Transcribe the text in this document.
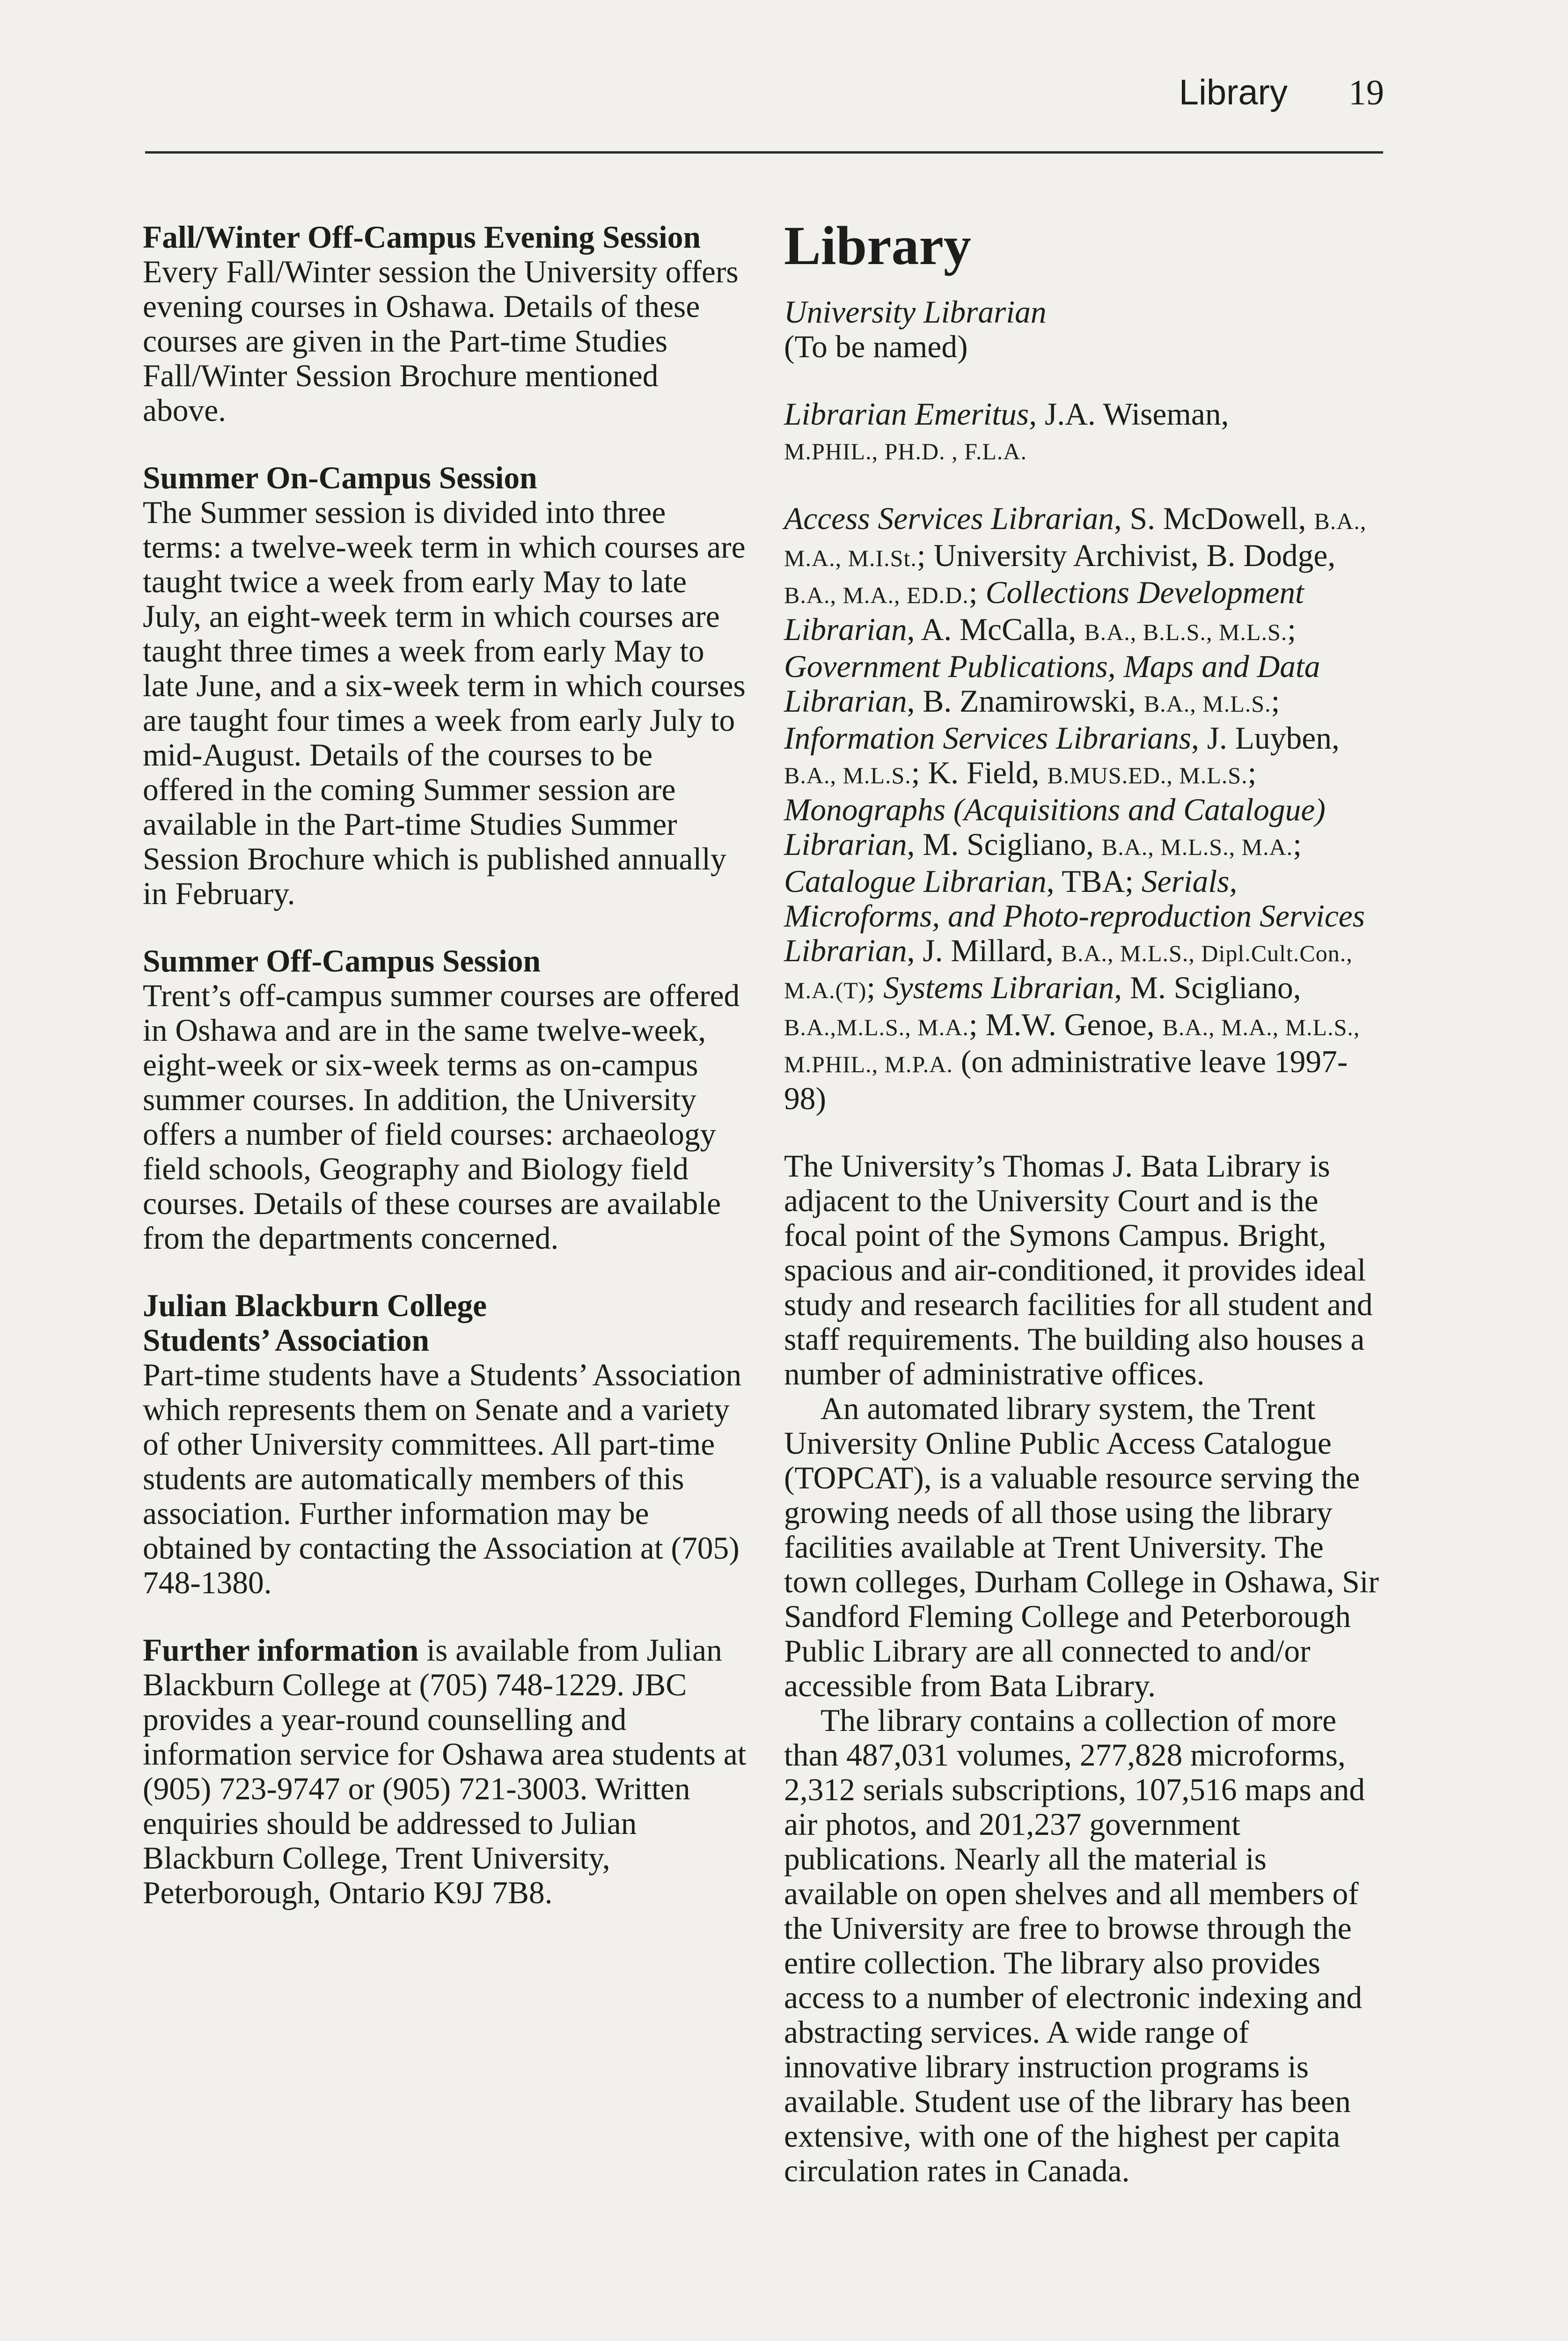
Library 19
Fall/Winter Off-Campus Evening Session

Every Fall/Winter session the University offers evening courses in Oshawa. Details of these courses are given in the Part-time Studies Fall/Winter Session Brochure mentioned above.

Summer On-Campus Session

The Summer session is divided into three terms: a twelve-week term in which courses are taught twice a week from early May to late July, an eight-week term in which courses are taught three times a week from early May to late June, and a six-week term in which courses are taught four times a week from early July to mid-August. Details of the courses to be offered in the coming Summer session are available in the Part-time Studies Summer Session Brochure which is published annually in February.

Summer Off-Campus Session

Trent’s off-campus summer courses are offered in Oshawa and are in the same twelve-week, eight-week or six-week terms as on-campus summer courses. In addition, the University offers a number of field courses: archaeology field schools, Geography and Biology field courses. Details of these courses are available from the departments concerned.

Julian Blackburn College
Students’ Association

Part-time students have a Students’ Association which represents them on Senate and a variety of other University committees. All part-time students are automatically members of this association. Further information may be obtained by contacting the Association at (705) 748-1380.

Further information is available from Julian Blackburn College at (705) 748-1229. JBC provides a year-round counselling and information service for Oshawa area students at (905) 723-9747 or (905) 721-3003. Written enquiries should be addressed to Julian Blackburn College, Trent University, Peterborough, Ontario K9J 7B8.

Library

University Librarian
(To be named)

Librarian Emeritus, J.A. Wiseman,
M.PHIL., PH.D. , F.L.A.

Access Services Librarian, S. McDowell, B.A., M.A., M.I.St.; University Archivist, B. Dodge, B.A., M.A., ED.D.; Collections Development Librarian, A. McCalla, B.A., B.L.S., M.L.S.; Government Publications, Maps and Data Librarian, B. Znamirowski, B.A., M.L.S.; Information Services Librarians, J. Luyben, B.A., M.L.S.; K. Field, B.MUS.ED., M.L.S.; Monographs (Acquisitions and Catalogue) Librarian, M. Scigliano, B.A., M.L.S., M.A.; Catalogue Librarian, TBA; Serials, Microforms, and Photo-reproduction Services Librarian, J. Millard, B.A., M.L.S., Dipl.Cult.Con., M.A.(T); Systems Librarian, M. Scigliano, B.A.,M.L.S., M.A.; M.W. Genoe, B.A., M.A., M.L.S., M.PHIL., M.P.A. (on administrative leave 1997-98)

The University’s Thomas J. Bata Library is adjacent to the University Court and is the focal point of the Symons Campus. Bright, spacious and air-conditioned, it provides ideal study and research facilities for all student and staff requirements. The building also houses a number of administrative offices.

An automated library system, the Trent University Online Public Access Catalogue (TOPCAT), is a valuable resource serving the growing needs of all those using the library facilities available at Trent University. The town colleges, Durham College in Oshawa, Sir Sandford Fleming College and Peterborough Public Library are all connected to and/or accessible from Bata Library.

The library contains a collection of more than 487,031 volumes, 277,828 microforms, 2,312 serials subscriptions, 107,516 maps and air photos, and 201,237 government publications. Nearly all the material is available on open shelves and all members of the University are free to browse through the entire collection. The library also provides access to a number of electronic indexing and abstracting services. A wide range of innovative library instruction programs is available. Student use of the library has been extensive, with one of the highest per capita circulation rates in Canada.
